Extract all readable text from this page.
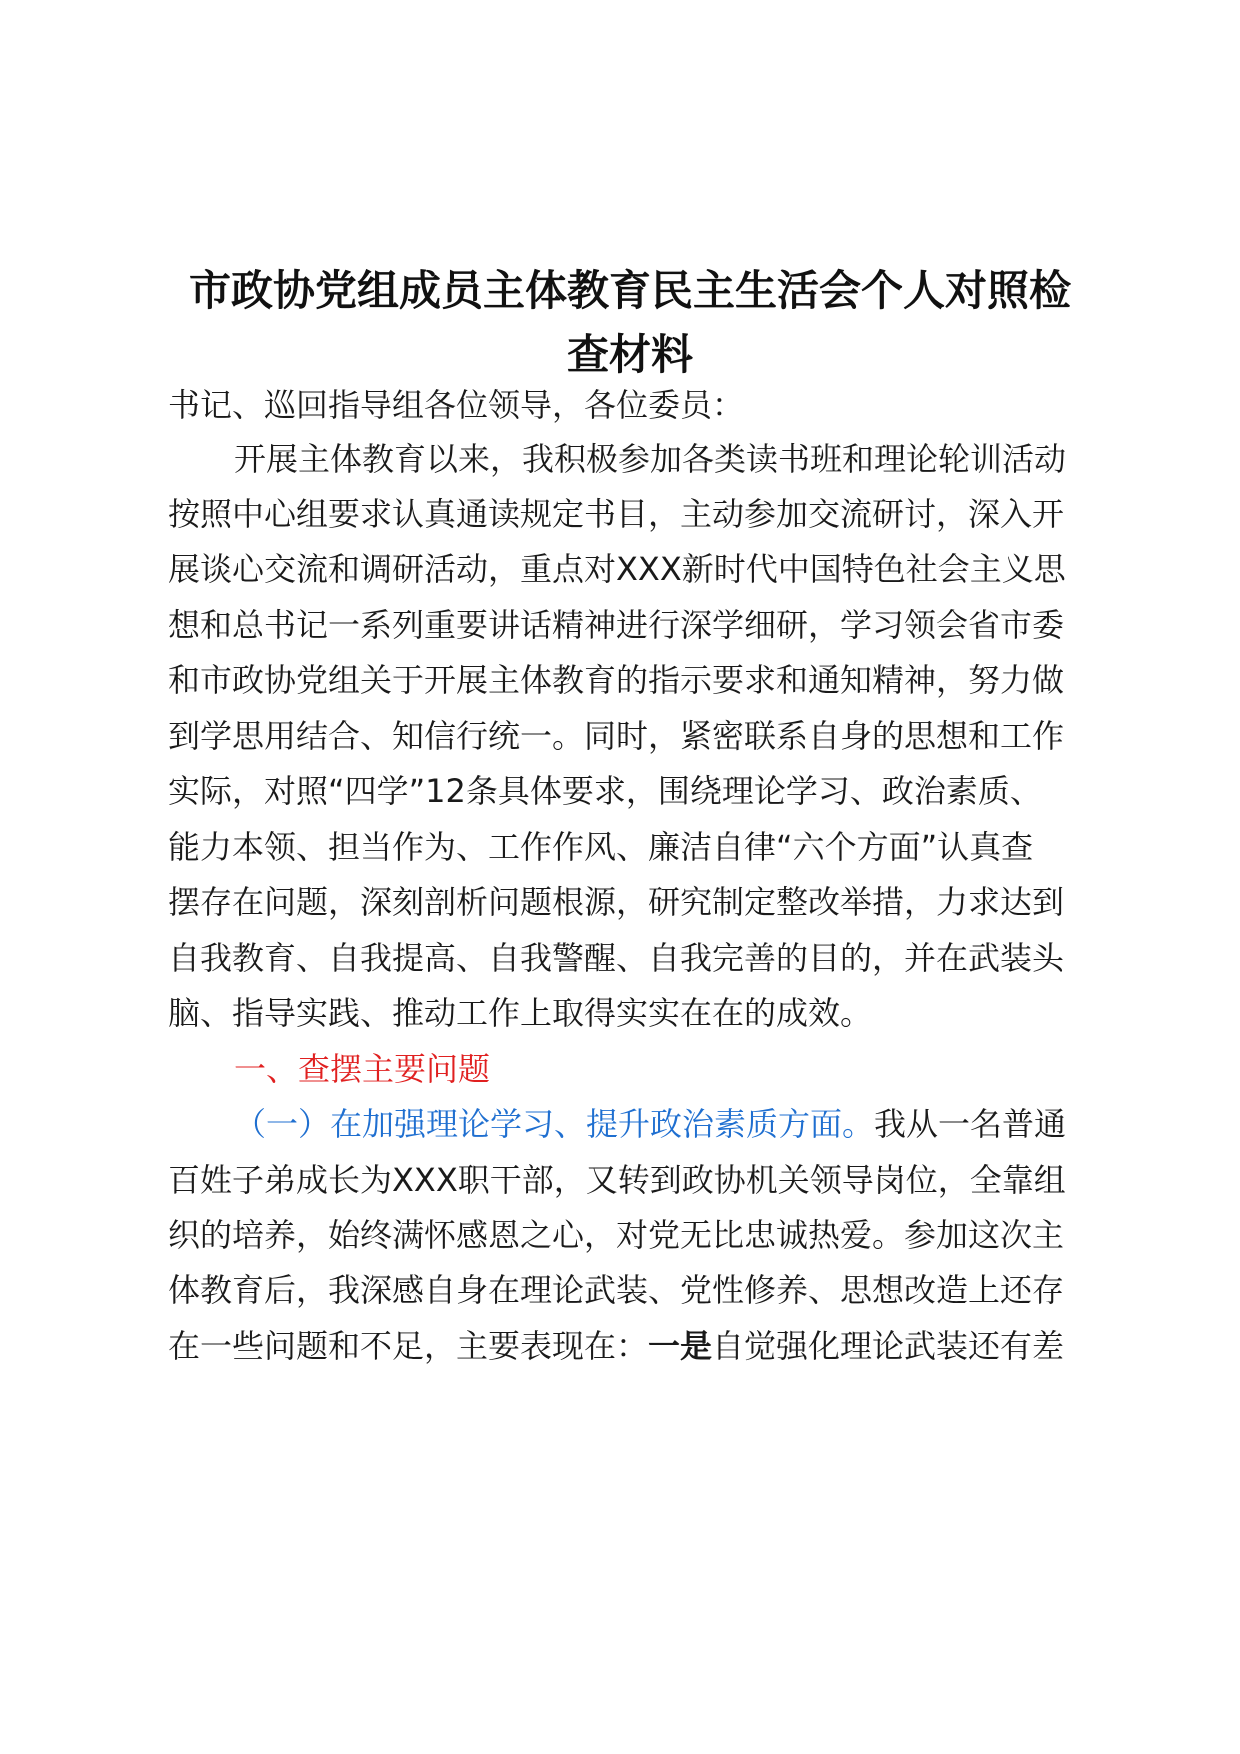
市政协党组成员主体教育民主生活会个人对照检
查材料

书记、巡回指导组各位领导，各位委员：

开展主体教育以来，我积极参加各类读书班和理论轮训活动

按照中心组要求认真通读规定书目，主动参加交流研讨，深入开

展谈心交流和调研活动，重点对XXX新时代中国特色社会主义思

想和总书记一系列重要讲话精神进行深学细研，学习领会省市委

和市政协党组关于开展主体教育的指示要求和通知精神，努力做

到学思用结合、知信行统一。同时，紧密联系自身的思想和工作

实际，对照“四学”12条具体要求，围绕理论学习、政治素质、

能力本领、担当作为、工作作风、廉洁自律“六个方面”认真查

摆存在问题，深刻剖析问题根源，研究制定整改举措，力求达到

自我教育、自我提高、自我警醒、自我完善的目的，并在武装头

脑、指导实践、推动工作上取得实实在在的成效。

一、查摆主要问题

（一）在加强理论学习、提升政治素质方面。我从一名普通

百姓子弟成长为XXX职干部，又转到政协机关领导岗位，全靠组

织的培养，始终满怀感恩之心，对党无比忠诚热爱。参加这次主

体教育后，我深感自身在理论武装、党性修养、思想改造上还存

在一些问题和不足，主要表现在：一是自觉强化理论武装还有差
